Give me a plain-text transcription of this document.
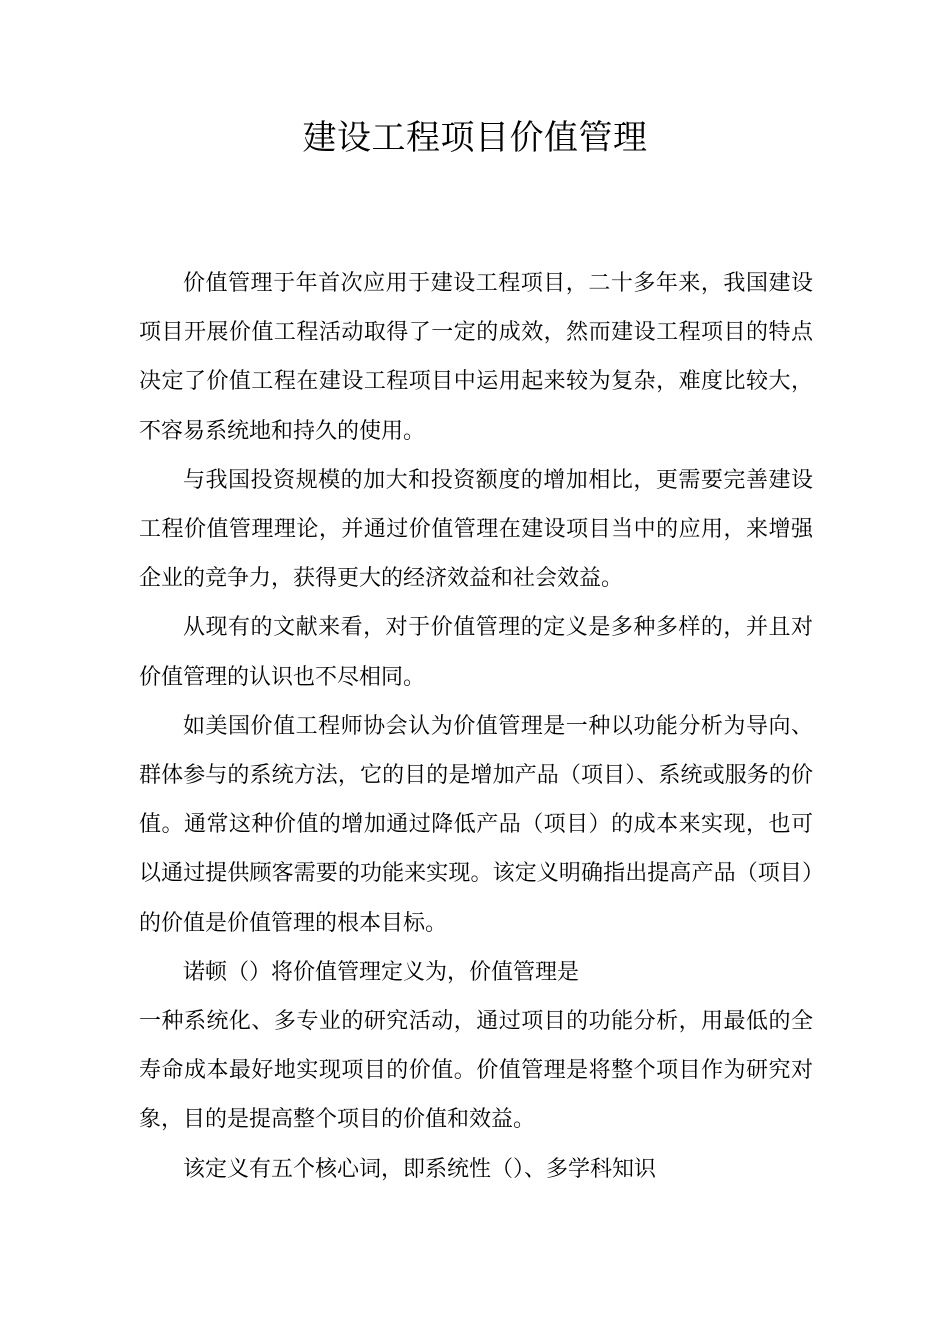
建设工程项目价值管理

价值管理于年首次应用于建设工程项目，二十多年来，我国建设项目开展价值工程活动取得了一定的成效，然而建设工程项目的特点决定了价值工程在建设工程项目中运用起来较为复杂，难度比较大，不容易系统地和持久的使用。

与我国投资规模的加大和投资额度的增加相比，更需要完善建设工程价值管理理论，并通过价值管理在建设项目当中的应用，来增强企业的竞争力，获得更大的经济效益和社会效益。

从现有的文献来看，对于价值管理的定义是多种多样的，并且对价值管理的认识也不尽相同。

如美国价值工程师协会认为价值管理是一种以功能分析为导向、群体参与的系统方法，它的目的是增加产品（项目）、系统或服务的价值。通常这种价值的增加通过降低产品（项目）的成本来实现，也可以通过提供顾客需要的功能来实现。该定义明确指出提高产品（项目）的价值是价值管理的根本目标。

诺顿（）将价值管理定义为，价值管理是

一种系统化、多专业的研究活动，通过项目的功能分析，用最低的全寿命成本最好地实现项目的价值。价值管理是将整个项目作为研究对象，目的是提高整个项目的价值和效益。

该定义有五个核心词，即系统性（）、多学科知识
